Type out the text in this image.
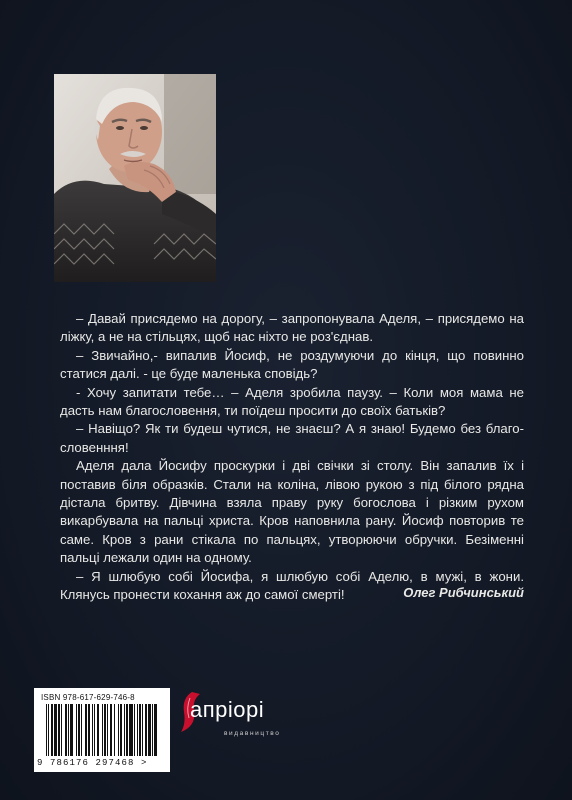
– Давай присядемо на дорогу, – запропонувала Аделя, – присядемо на ліжку, а не на стільцях, щоб нас ніхто не роз'єднав.

– Звичайно,- випалив Йосиф, не роздумуючи до кінця, що повинно статися далі. - це буде маленька сповідь?

- Хочу запитати тебе… – Аделя зробила паузу. – Коли моя мама не дасть нам благословення, ти поїдеш просити до своїх батьків?

– Навіщо? Як ти будеш чутися, не знаєш? А я знаю! Будемо без благо-словенння!

Аделя дала Йосифу проскурки і дві свічки зі столу. Він запалив їх і поставив біля образків. Стали на коліна, лівою рукою з під білого рядна дістала бритву. Дівчина взяла праву руку богослова і різким рухом викарбувала на пальці христа. Кров наповнила рану. Йосиф повторив те саме. Кров з рани стікала по пальцях, утворюючи обручки. Безіменні пальці лежали один на одному.

– Я шлюбую собі Йосифа, я шлюбую собі Аделю, в мужі, в жони. Клянусь пронести кохання аж до самої смерті!	Олег Рибчинський
ISBN 978-617-629-746-8
9 786176 297468 >
апріорі
видавництво
